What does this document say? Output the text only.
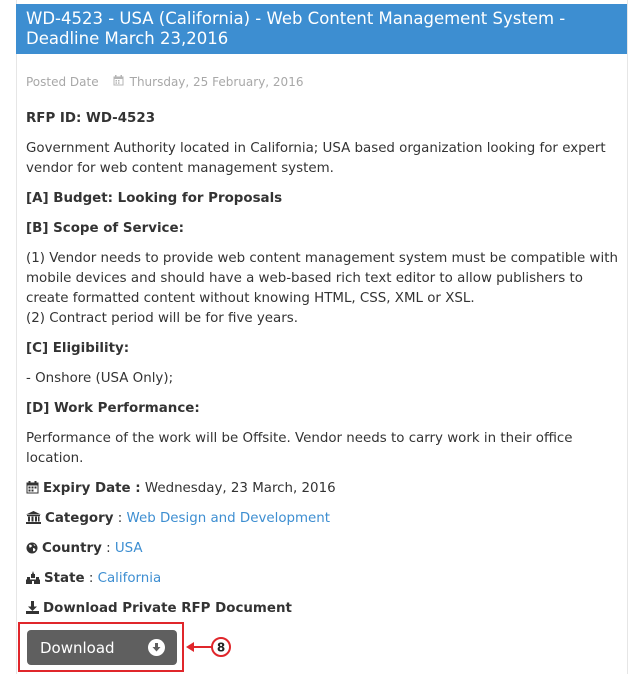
WD-4523 - USA (California) - Web Content Management System - Deadline March 23,2016
Posted Date	Thursday, 25 February, 2016
RFP ID: WD-4523
Government Authority located in California; USA based organization looking for expert vendor for web content management system.
[A] Budget: Looking for Proposals
[B] Scope of Service:
(1) Vendor needs to provide web content management system must be compatible with mobile devices and should have a web-based rich text editor to allow publishers to create formatted content without knowing HTML, CSS, XML or XSL.
(2) Contract period will be for five years.
[C] Eligibility:
- Onshore (USA Only);
[D] Work Performance:
Performance of the work will be Offsite. Vendor needs to carry work in their office location.
Expiry Date : Wednesday, 23 March, 2016
Category : Web Design and Development
Country : USA
State : California
Download Private RFP Document
Download	8
